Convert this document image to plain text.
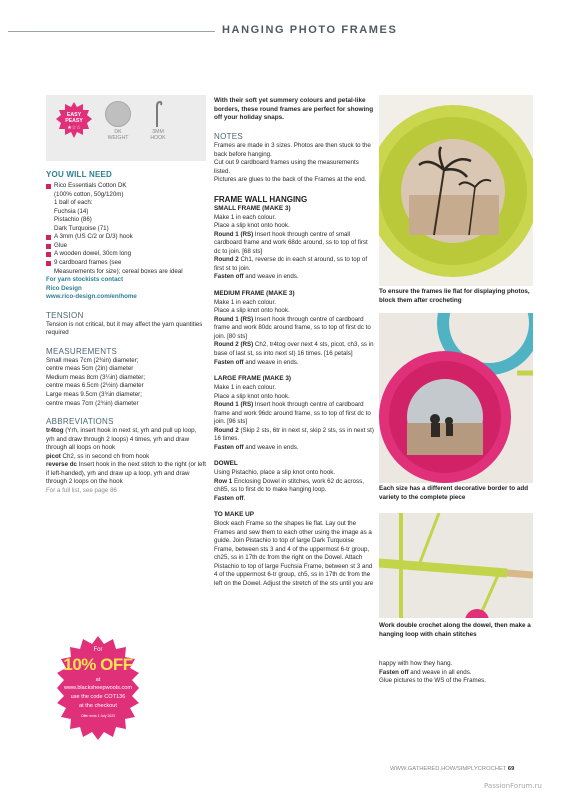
HANGING PHOTO FRAMES
EASY
PEASY
★☆☆
DK
WEIGHT
3MM
HOOK
YOU WILL NEED
Rico Essentials Cotton DK
(100% cotton, 50g/120m)
1 ball of each:
Fuchsia (14)
Pistachio (86)
Dark Turquoise (71)
A 3mm (US C/2 or D/3) hook
Glue
A wooden dowel, 30cm long
9 cardboard frames (see
Measurements for size); cereal boxes are ideal
For yarn stockists contact
Rico Design
www.rico-design.com/en/home
TENSION
Tension is not critical, but it may affect the yarn quantities required
MEASUREMENTS
Small meas 7cm (2¾in) diameter;
centre meas 5cm (2in) diameter
Medium meas 8cm (3¼in) diameter;
centre meas 6.5cm (2½in) diameter
Large meas 9.5cm (3¾in diameter;
centre meas 7cm (2¾in) diameter
ABBREVIATIONS
tr4tog (Yrh, insert hook in next st, yrh and pull up loop, yrh and draw through 2 loops) 4 times, yrh and draw through all loops on hook
picot Ch2, ss in second ch from hook
reverse dc Insert hook in the next stitch to the right (or left if left-handed), yrh and draw up a loop, yrh and draw through 2 loops on the hook
For a full list, see page 86
For
10% OFF
at
www.blacksheepwools.com
use the code COT136
at the checkout
Offer ends 1 July 2023
With their soft yet summery colours and petal-like borders, these round frames are perfect for showing off your holiday snaps.
NOTES
Frames are made in 3 sizes. Photos are then stuck to the back before hanging.
Cut out 9 cardboard frames using the measurements listed.
Pictures are glues to the back of the Frames at the end.
FRAME WALL HANGING
SMALL FRAME (MAKE 3)
Make 1 in each colour.
Place a slip knot onto hook.
Round 1 (RS) Insert hook through centre of small cardboard frame and work 68dc around, ss to top of first dc to join. [68 sts]
Round 2 Ch1, reverse dc in each st around, ss to top of first st to join.
Fasten off and weave in ends.
MEDIUM FRAME (MAKE 3)
Make 1 in each colour.
Place a slip knot onto hook.
Round 1 (RS) Insert hook through centre of cardboard frame and work 80dc around frame, ss to top of first dc to join. [80 sts]
Round 2 (RS) Ch2, tr4tog over next 4 sts, picot, ch3, ss in base of last st, ss into next st) 16 times. [16 petals]
Fasten off and weave in ends.
LARGE FRAME (MAKE 3)
Make 1 in each colour.
Place a slip knot onto hook.
Round 1 (RS) Insert hook through centre of cardboard frame and work 96dc around frame, ss to top of first dc to join. [96 sts]
Round 2 (Skip 2 sts, 6tr in next st, skip 2 sts, ss in next st) 16 times.
Fasten off and weave in ends.
DOWEL
Using Pistachio, place a slip knot onto hook.
Row 1 Enclosing Dowel in stitches, work 62 dc across, ch85, ss to first dc to make hanging loop.
Fasten off.
TO MAKE UP
Block each Frame so the shapes lie flat. Lay out the Frames and sew them to each other using the image as a guide. Join Pistachio to top of large Dark Turquoise Frame, between sts 3 and 4 of the uppermost 6-tr group, ch25, ss in 17th dc from the right on the Dowel. Attach Pistachio to top of large Fuchsia Frame, between st 3 and 4 of the uppermost 6-tr group, ch5, ss in 17th dc from the left on the Dowel. Adjust the stretch of the sts until you are
To ensure the frames lie flat for displaying photos, block them after crocheting
Each size has a different decorative border to add variety to the complete piece
Work double crochet along the dowel, then make a hanging loop with chain stitches
happy with how they hang.
Fasten off and weave in all ends.
Glue pictures to the WS of the Frames.
WWW.GATHERED.HOW/SIMPLYCROCHET 69
PassionForum.ru
